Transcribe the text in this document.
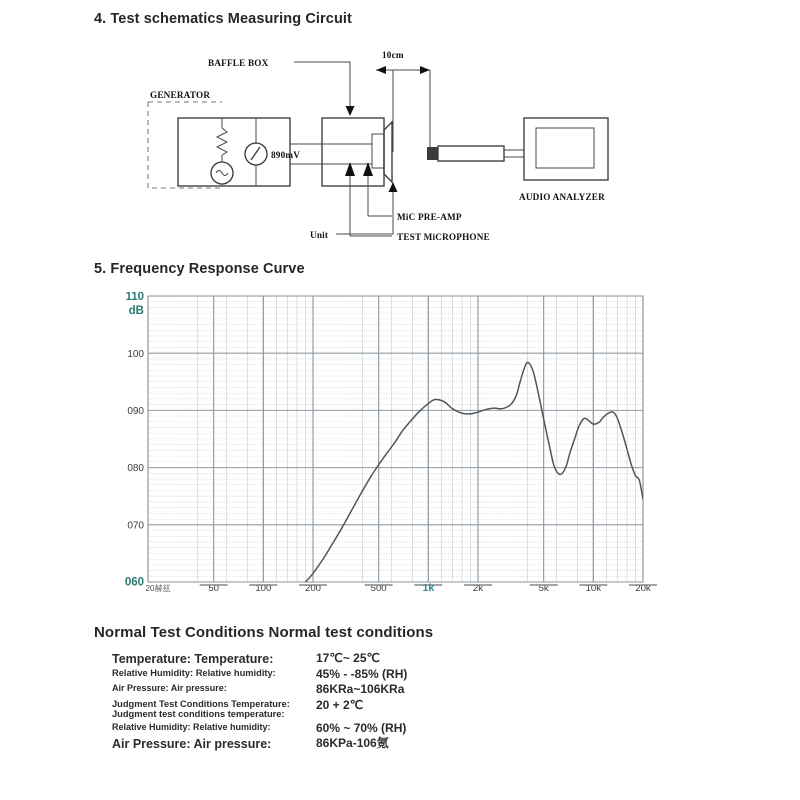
4. Test schematics Measuring Circuit
890mV
BAFFLE BOX
GENERATOR
Unit
10cm
AUDIO ANALYZER
MiC PRE-AMP
TEST MiCROPHONE
5. Frequency Response Curve
110
100
090
080
070
060 20赫兹	50	100	200	500	1k	2k	5k	10k	20k
dB
Normal Test Conditions Normal test conditions
Temperature: Temperature:	17℃~ 25℃
Relative Humidity: Relative humidity:	45% - -85% (RH)
Air Pressure: Air pressure:	86KRa~106KRa
Judgment Test Conditions Temperature: Judgment test conditions temperature:	20 + 2℃
Relative Humidity: Relative humidity:	60% ~ 70% (RH)
Air Pressure: Air pressure:	86KPa-106氪
